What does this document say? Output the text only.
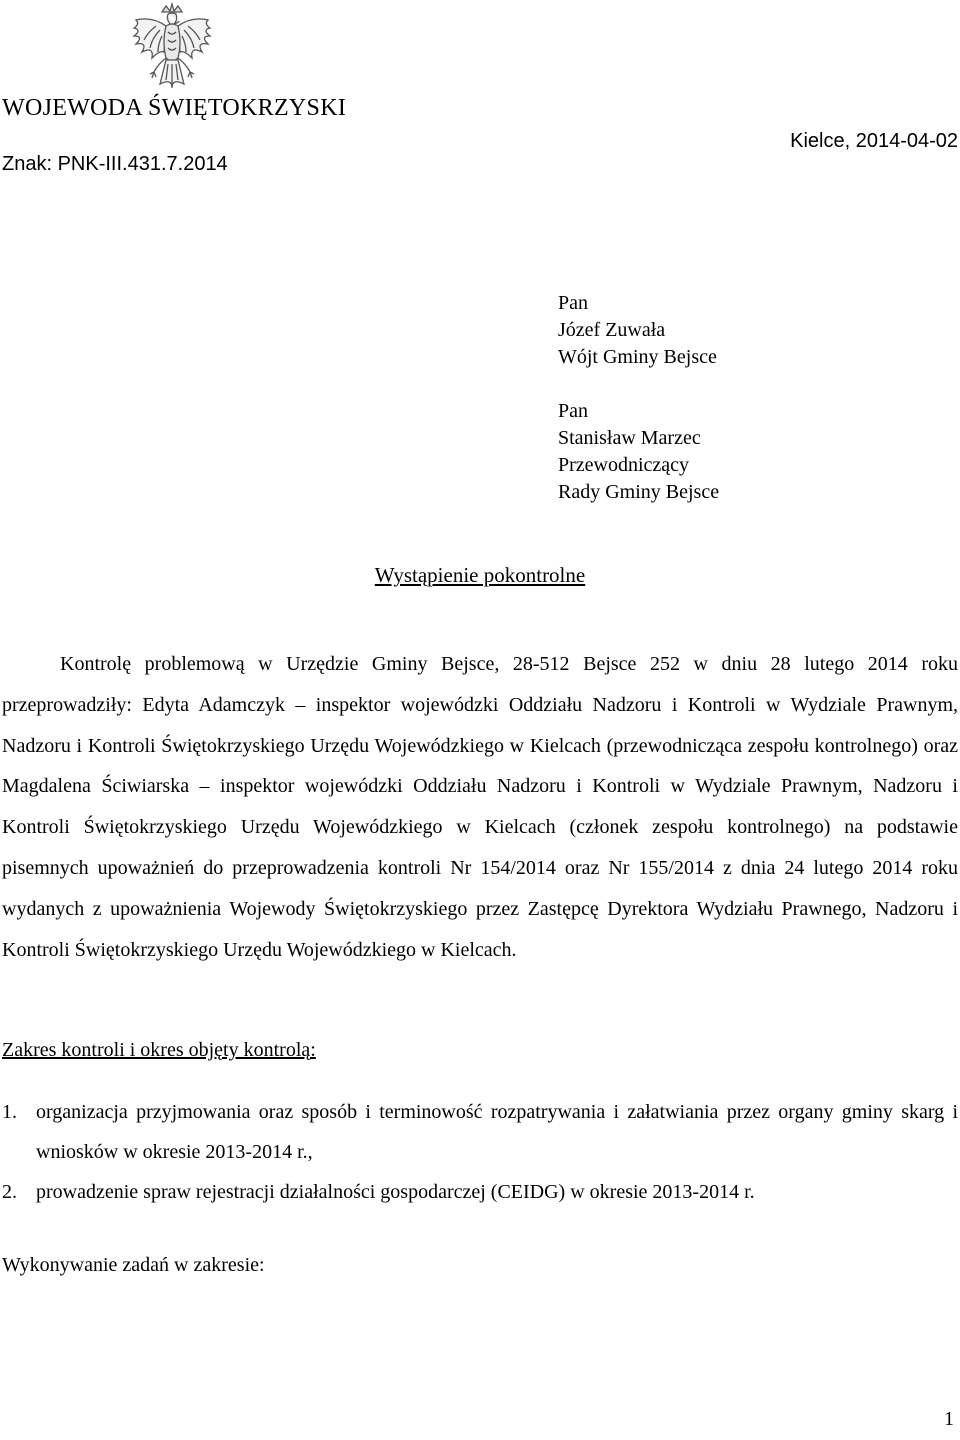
WOJEWODA ŚWIĘTOKRZYSKI
Znak: PNK-III.431.7.2014
Kielce, 2014-04-02
Pan
Józef Zuwała
Wójt Gminy Bejsce
Pan
Stanisław Marzec
Przewodniczący
Rady Gminy Bejsce
Wystąpienie pokontrolne
Kontrolę problemową w Urzędzie Gminy Bejsce, 28-512 Bejsce 252 w dniu 28 lutego 2014 roku przeprowadziły: Edyta Adamczyk – inspektor wojewódzki Oddziału Nadzoru i Kontroli w Wydziale Prawnym, Nadzoru i Kontroli Świętokrzyskiego Urzędu Wojewódzkiego w Kielcach (przewodnicząca zespołu kontrolnego) oraz Magdalena Ściwiarska – inspektor wojewódzki Oddziału Nadzoru i Kontroli w Wydziale Prawnym, Nadzoru i Kontroli Świętokrzyskiego Urzędu Wojewódzkiego w Kielcach (członek zespołu kontrolnego) na podstawie pisemnych upoważnień do przeprowadzenia kontroli Nr 154/2014 oraz Nr 155/2014 z dnia 24 lutego 2014 roku wydanych z upoważnienia Wojewody Świętokrzyskiego przez Zastępcę Dyrektora Wydziału Prawnego, Nadzoru i Kontroli Świętokrzyskiego Urzędu Wojewódzkiego w Kielcach.
Zakres kontroli i okres objęty kontrolą:
1. organizacja przyjmowania oraz sposób i terminowość rozpatrywania i załatwiania przez organy gminy skarg i wniosków w okresie 2013-2014 r.,
2. prowadzenie spraw rejestracji działalności gospodarczej (CEIDG) w okresie 2013-2014 r.
Wykonywanie zadań w zakresie:
1
